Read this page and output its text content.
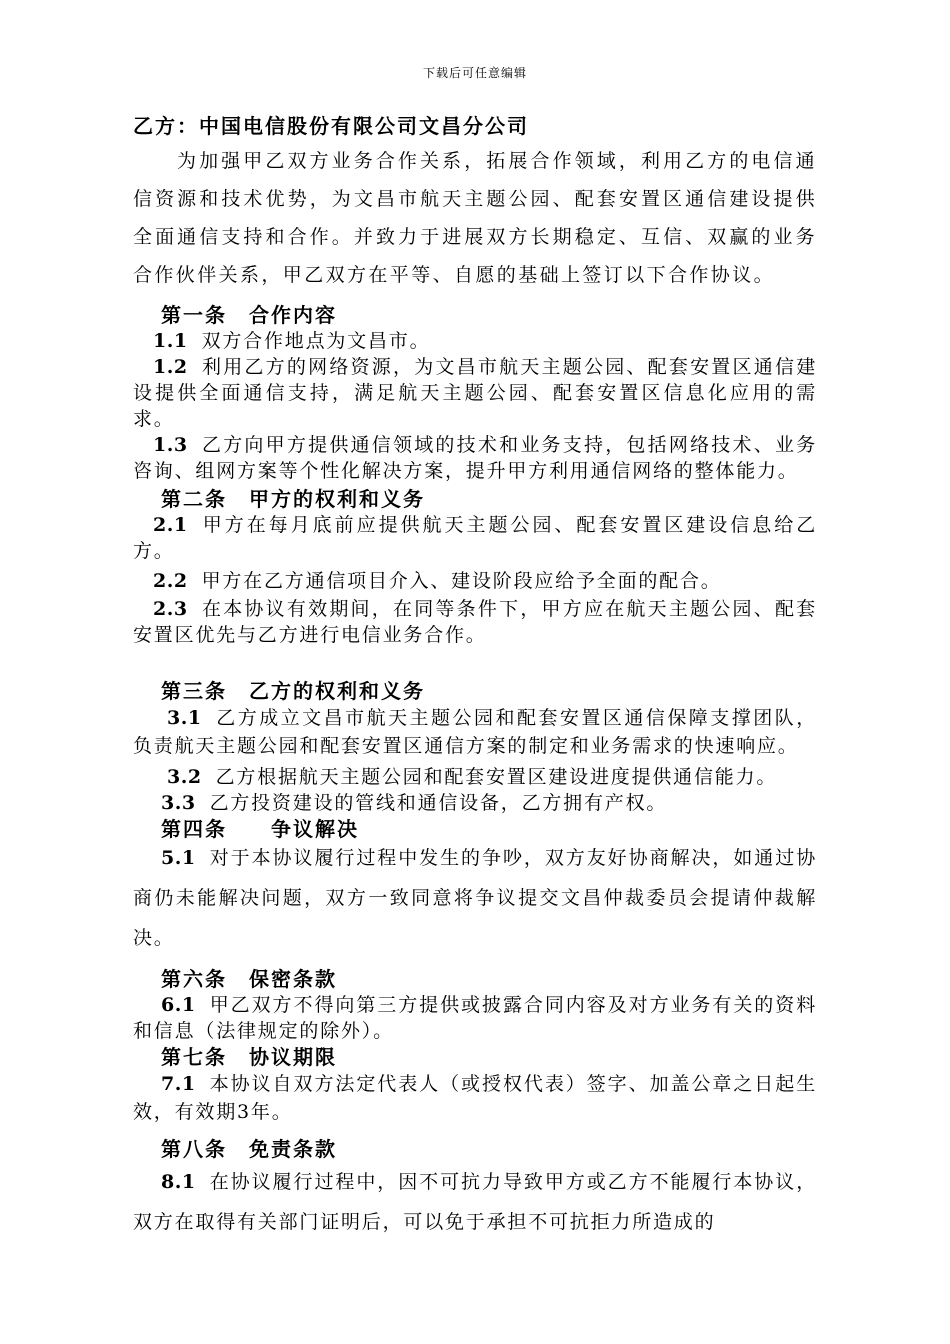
下载后可任意编辑
乙方：中国电信股份有限公司文昌分公司

为加强甲乙双方业务合作关系，拓展合作领域，利用乙方的电信通信资源和技术优势，为文昌市航天主题公园、配套安置区通信建设提供全面通信支持和合作。并致力于进展双方长期稳定、互信、双赢的业务合作伙伴关系，甲乙双方在平等、自愿的基础上签订以下合作协议。

第一条　合作内容

1.1 双方合作地点为文昌市。

1.2 利用乙方的网络资源，为文昌市航天主题公园、配套安置区通信建设提供全面通信支持，满足航天主题公园、配套安置区信息化应用的需求。

1.3 乙方向甲方提供通信领域的技术和业务支持，包括网络技术、业务咨询、组网方案等个性化解决方案，提升甲方利用通信网络的整体能力。

第二条　甲方的权利和义务

2.1 甲方在每月底前应提供航天主题公园、配套安置区建设信息给乙方。

2.2 甲方在乙方通信项目介入、建设阶段应给予全面的配合。

2.3 在本协议有效期间，在同等条件下，甲方应在航天主题公园、配套安置区优先与乙方进行电信业务合作。

第三条　乙方的权利和义务

3.1 乙方成立文昌市航天主题公园和配套安置区通信保障支撑团队，负责航天主题公园和配套安置区通信方案的制定和业务需求的快速响应。

3.2 乙方根据航天主题公园和配套安置区建设进度提供通信能力。

3.3 乙方投资建设的管线和通信设备，乙方拥有产权。

第四条　　争议解决

5.1 对于本协议履行过程中发生的争吵，双方友好协商解决，如通过协商仍未能解决问题，双方一致同意将争议提交文昌仲裁委员会提请仲裁解决。

第六条　保密条款

6.1 甲乙双方不得向第三方提供或披露合同内容及对方业务有关的资料和信息（法律规定的除外）。

第七条　协议期限

7.1 本协议自双方法定代表人（或授权代表）签字、加盖公章之日起生效，有效期3年。

第八条　免责条款

8.1 在协议履行过程中，因不可抗力导致甲方或乙方不能履行本协议，双方在取得有关部门证明后，可以免于承担不可抗拒力所造成的
